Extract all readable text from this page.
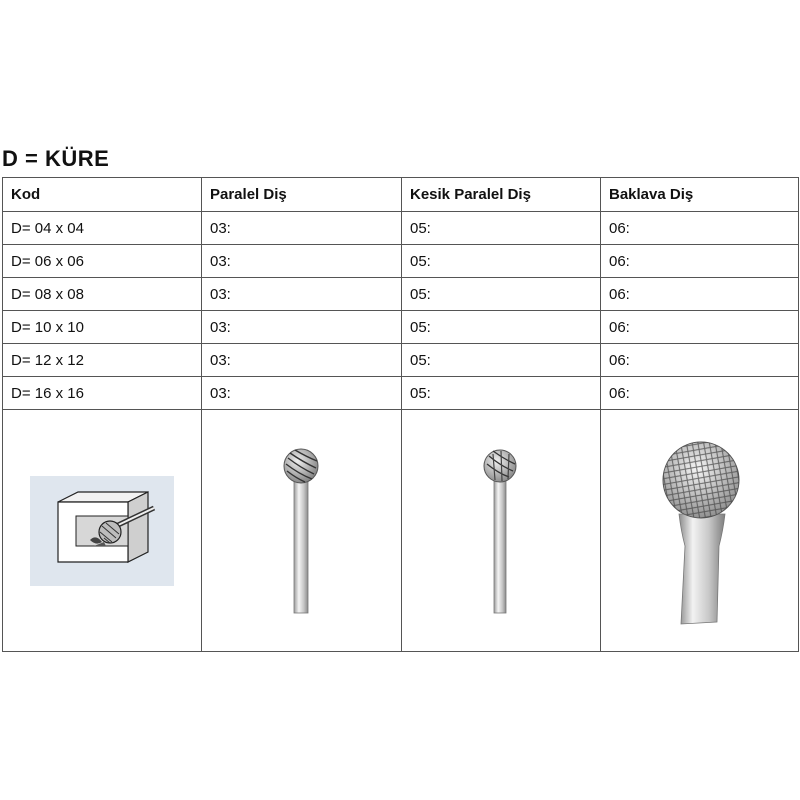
D = KÜRE
Kod	Paralel Diş	Kesik Paralel Diş	Baklava Diş
D= 04 x 04	03:	05:	06:
D= 06 x 06	03:	05:	06:
D= 08 x 08	03:	05:	06:
D= 10 x 10	03:	05:	06:
D= 12 x 12	03:	05:	06:
D= 16 x 16	03:	05:	06:
